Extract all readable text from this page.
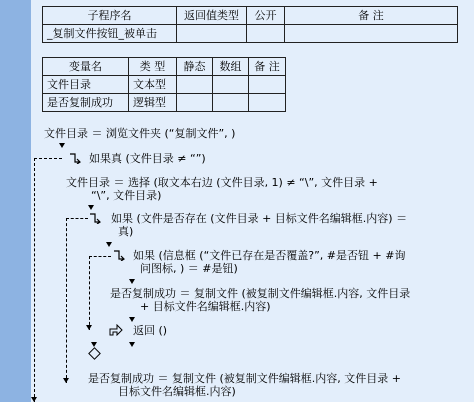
子程序名	返回值类型	公开	备 注
_复制文件按钮_被单击			
变量名	类 型	静态	数组	备 注
文件目录	文本型			
是否复制成功	逻辑型			
文件目录 ＝ 浏览文件夹 (“复制文件”, )
如果真 (文件目录 ≠ “”)
文件目录 ＝ 选择 (取文本右边 (文件目录, 1) ≠ “\”, 文件目录 +
“\”, 文件目录)
如果 (文件是否存在 (文件目录 + 目标文件名编辑框.内容) ＝
真)
如果 (信息框 (“文件已存在是否覆盖?”, #是否钮 + #询
问图标, ) ＝ #是钮)
是否复制成功 ＝ 复制文件 (被复制文件编辑框.内容, 文件目录
+ 目标文件名编辑框.内容)
返回 ()
是否复制成功 ＝ 复制文件 (被复制文件编辑框.内容, 文件目录 +
目标文件名编辑框.内容)
